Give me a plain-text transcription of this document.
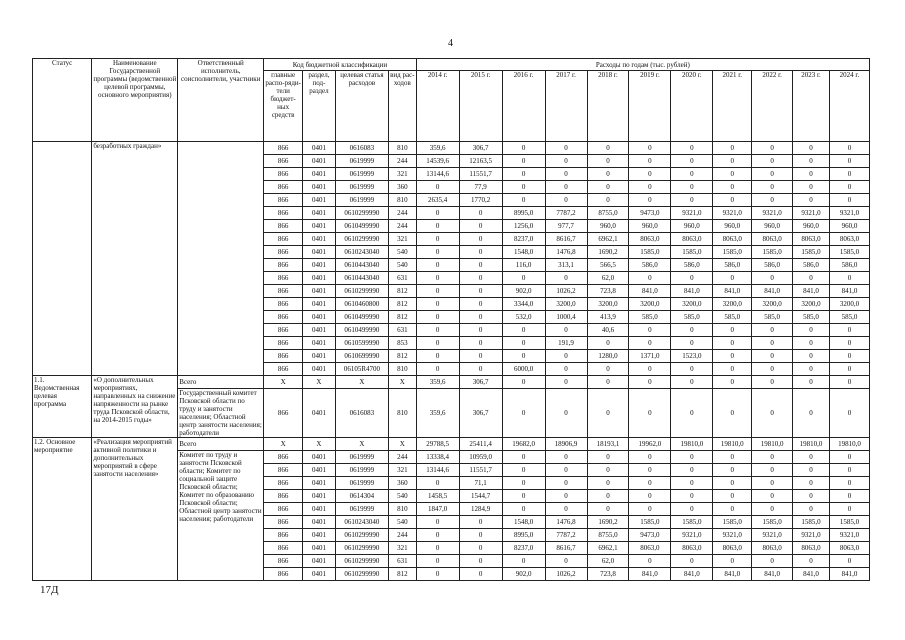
4
Статус	Наименование Государственной программы (ведомственной целевой программы, основного мероприятия)	Ответственный исполнитель, соисполнители, участники	Код бюджетной классификации				Расходы по годам (тыс. рублей)										
			главные распо-ряди-тели бюджет-ных средств	раздел, под-раздел	целевая статья расходов	вид рас-ходов	2014 г.	2015 г.	2016 г.	2017 г.	2018 г.	2019 г.	2020 г.	2021 г.	2022 г.	2023 г.	2024 г.
	безработных граждан»		866	0401	0616083	810	359,6	306,7	0	0	0	0	0	0	0	0	0
			866	0401	0619999	244	14539,6	12163,5	0	0	0	0	0	0	0	0	0
			866	0401	0619999	321	13144,6	11551,7	0	0	0	0	0	0	0	0	0
			866	0401	0619999	360	0	77,9	0	0	0	0	0	0	0	0	0
			866	0401	0619999	810	2635,4	1770,2	0	0	0	0	0	0	0	0	0
			866	0401	0610299990	244	0	0	8995,0	7787,2	8755,0	9473,0	9321,0	9321,0	9321,0	9321,0	9321,0
			866	0401	0610499990	244	0	0	1256,0	977,7	960,0	960,0	960,0	960,0	960,0	960,0	960,0
			866	0401	0610299990	321	0	0	8237,0	8616,7	6962,1	8063,0	8063,0	8063,0	8063,0	8063,0	8063,0
			866	0401	0610243040	540	0	0	1548,0	1476,8	1690,2	1585,0	1585,0	1585,0	1585,0	1585,0	1585,0
			866	0401	0610443040	540	0	0	116,0	313,1	566,5	586,0	586,0	586,0	586,0	586,0	586,0
			866	0401	0610443040	631	0	0	0	0	62,0	0	0	0	0	0	0
			866	0401	0610299990	812	0	0	902,0	1026,2	723,8	841,0	841,0	841,0	841,0	841,0	841,0
			866	0401	0610460800	812	0	0	3344,0	3200,0	3200,0	3200,0	3200,0	3200,0	3200,0	3200,0	3200,0
			866	0401	0610499990	812	0	0	532,0	1000,4	413,9	585,0	585,0	585,0	585,0	585,0	585,0
			866	0401	0610499990	631	0	0	0	0	40,6	0	0	0	0	0	0
			866	0401	0610599990	853	0	0	0	191,9	0	0	0	0	0	0	0
			866	0401	0610699990	812	0	0	0	0	1280,0	1371,0	1523,0	0	0	0	0
			866	0401	06105R4700	810	0	0	6000,0	0	0	0	0	0	0	0	0
1.1. Ведомственная целевая программа	«О дополнительных мероприятиях, направленных на снижение напряженности на рынке труда Псковской области, на 2014-2015 годы»	Всего	X	X	X	X	359,6	306,7	0	0	0	0	0	0	0	0	0
		Государственный комитет Псковской области по труду и занятости населения; Областной центр занятости населения; работодатели	866	0401	0616083	810	359,6	306,7	0	0	0	0	0	0	0	0	0
1.2. Основное мероприятие	«Реализация мероприятий активной политики и дополнительных мероприятий в сфере занятости населения»	Всего	X	X	X	X	29788,5	25411,4	19682,0	18906,9	18193,1	19962,0	19810,0	19810,0	19810,0	19810,0	19810,0
		Комитет по труду и занятости Псковской области; Комитет по социальной защите Псковской области; Комитет по образованию Псковской области; Областной центр занятости населения; работодатели	866	0401	0619999	244	13338,4	10959,0	0	0	0	0	0	0	0	0	0
			866	0401	0619999	321	13144,6	11551,7	0	0	0	0	0	0	0	0	0
			866	0401	0619999	360	0	71,1	0	0	0	0	0	0	0	0	0
			866	0401	0614304	540	1458,5	1544,7	0	0	0	0	0	0	0	0	0
			866	0401	0619999	810	1847,0	1284,9	0	0	0	0	0	0	0	0	0
			866	0401	0610243040	540	0	0	1548,0	1476,8	1690,2	1585,0	1585,0	1585,0	1585,0	1585,0	1585,0
			866	0401	0610299990	244	0	0	8995,0	7787,2	8755,0	9473,0	9321,0	9321,0	9321,0	9321,0	9321,0
			866	0401	0610299990	321	0	0	8237,0	8616,7	6962,1	8063,0	8063,0	8063,0	8063,0	8063,0	8063,0
			866	0401	0610299990	631	0	0	0	0	62,0	0	0	0	0	0	0
			866	0401	0610299990	812	0	0	902,0	1026,2	723,8	841,0	841,0	841,0	841,0	841,0	841,0
17Д
